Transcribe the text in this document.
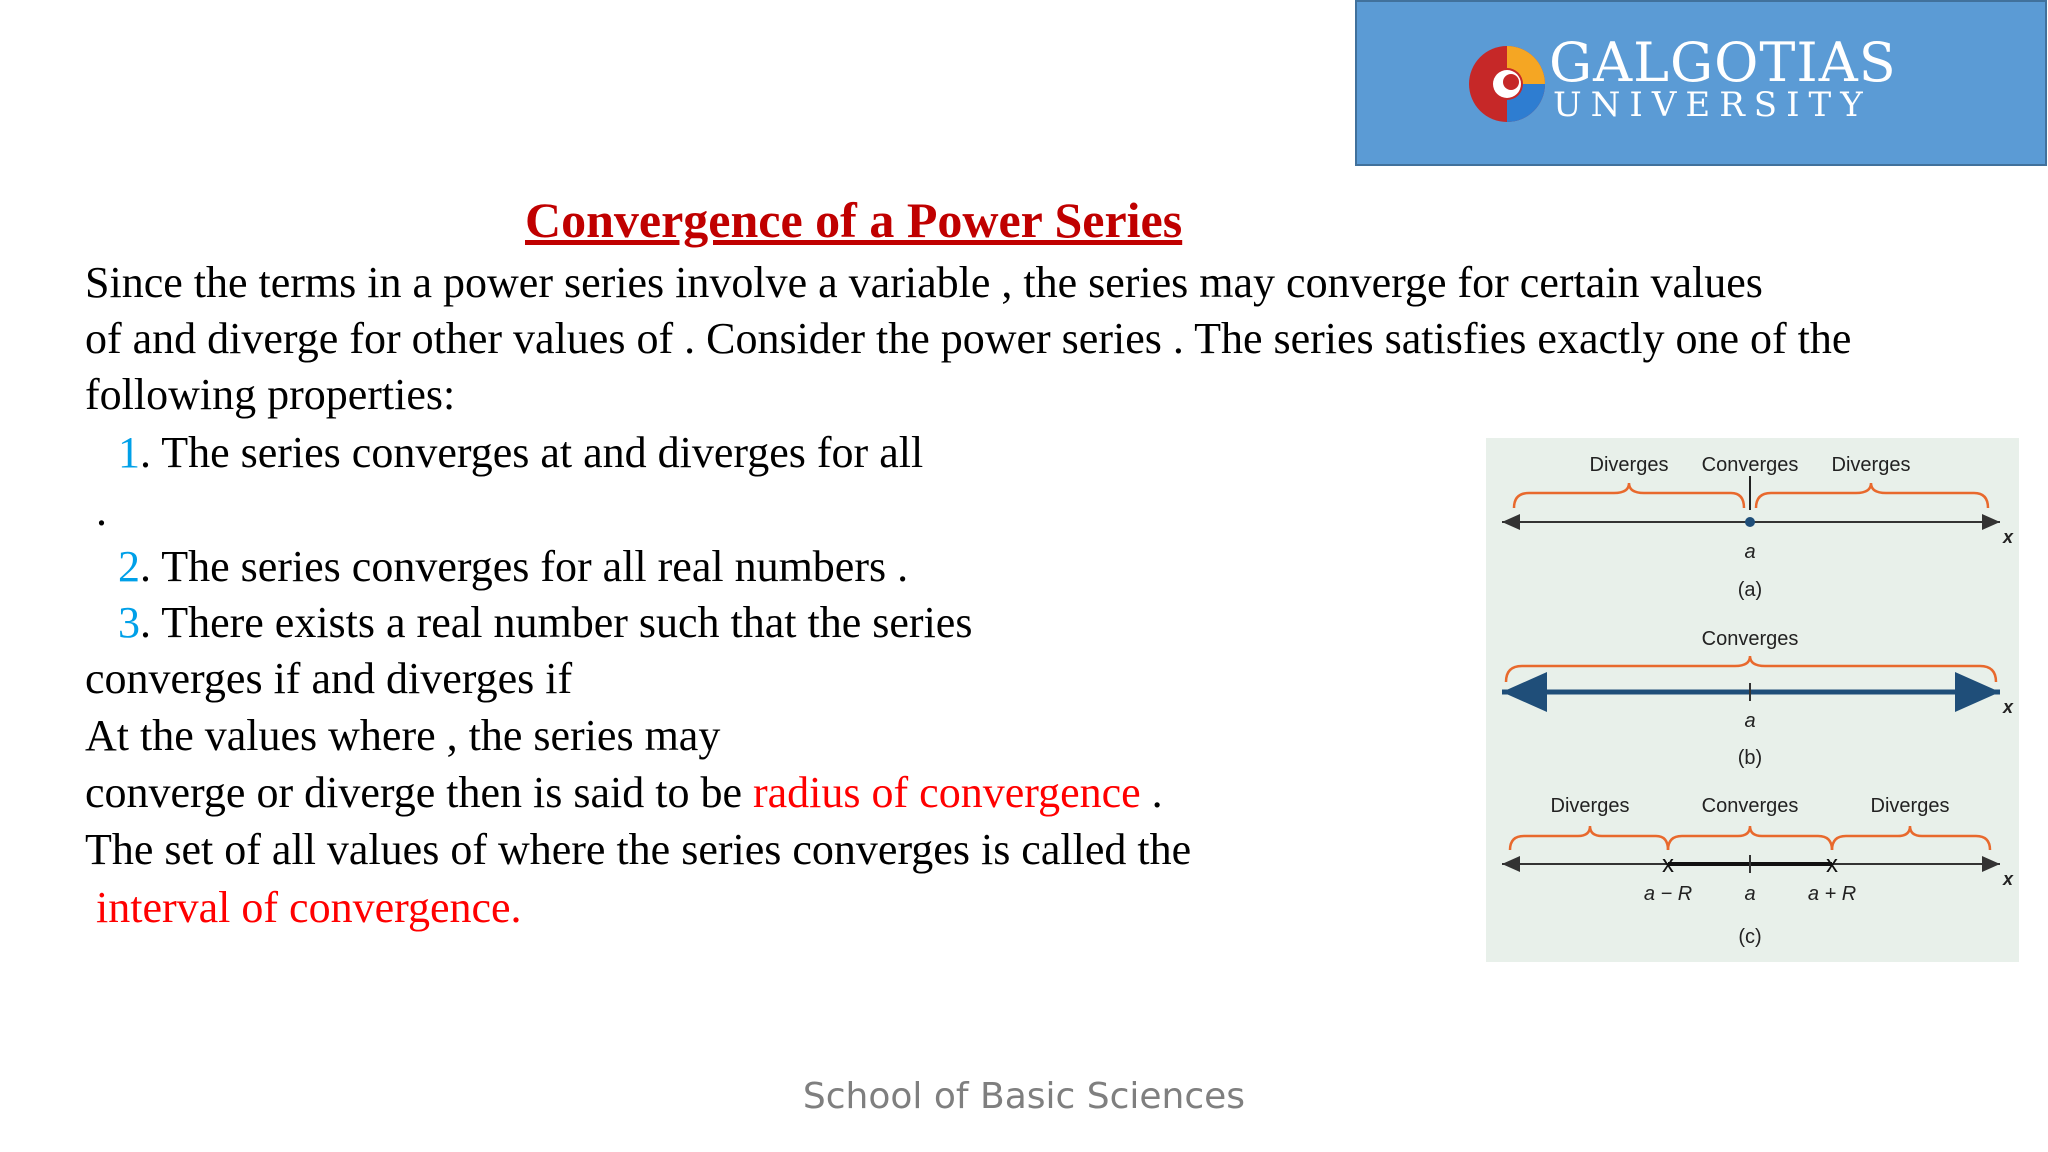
GALGOTIAS
UNIVERSITY
Convergence of a Power Series
Since the terms in a power series involve a variable , the series may converge for certain values
of and diverge for other values of . Consider the power series . The series satisfies exactly one of the
following properties:
1. The series converges at and diverges for all
.
2. The series converges for all real numbers .
3. There exists a real number such that the series
converges if and diverges if
At the values where , the series may
converge or diverge then is said to be radius of convergence .
The set of all values of where the series converges is called the
interval of convergence.
Diverges Converges Diverges
a
x
(a)
Converges
a
x
(b)
Diverges	Converges	Diverges
x	x
a − R	a	a + R
x
(c)
School of Basic Sciences
